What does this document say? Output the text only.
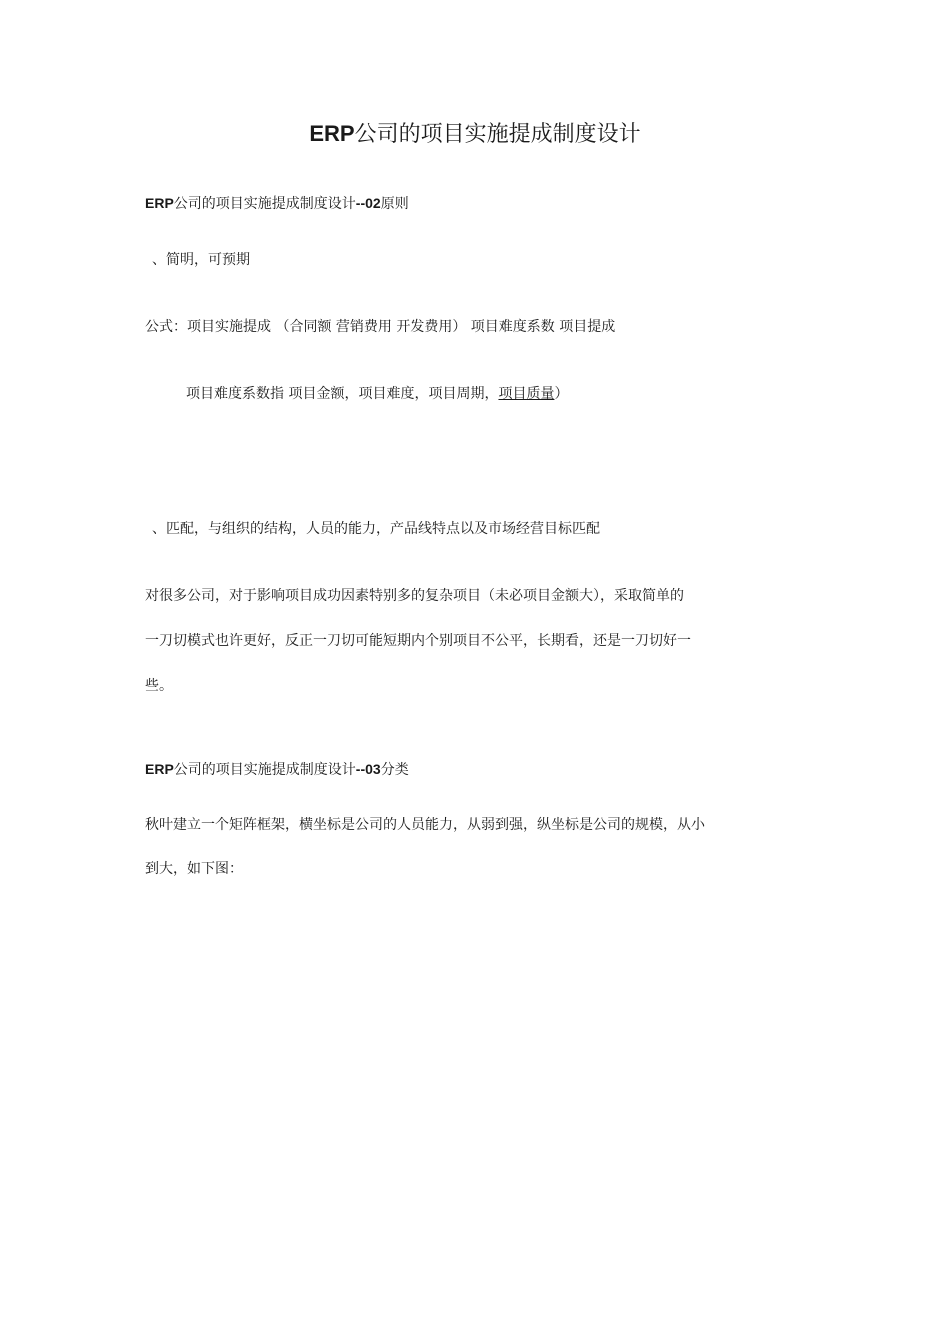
ERP公司的项目实施提成制度设计
ERP公司的项目实施提成制度设计--02原则
、简明，可预期
公式：项目实施提成 （合同额 营销费用 开发费用） 项目难度系数 项目提成
项目难度系数指 项目金额，项目难度，项目周期，项目质量）
、匹配，与组织的结构，人员的能力，产品线特点以及市场经营目标匹配
对很多公司，对于影响项目成功因素特别多的复杂项目（未必项目金额大），采取简单的
一刀切模式也许更好，反正一刀切可能短期内个别项目不公平，长期看，还是一刀切好一
些。
ERP公司的项目实施提成制度设计--03分类
秋叶建立一个矩阵框架，横坐标是公司的人员能力，从弱到强，纵坐标是公司的规模，从小
到大，如下图：
